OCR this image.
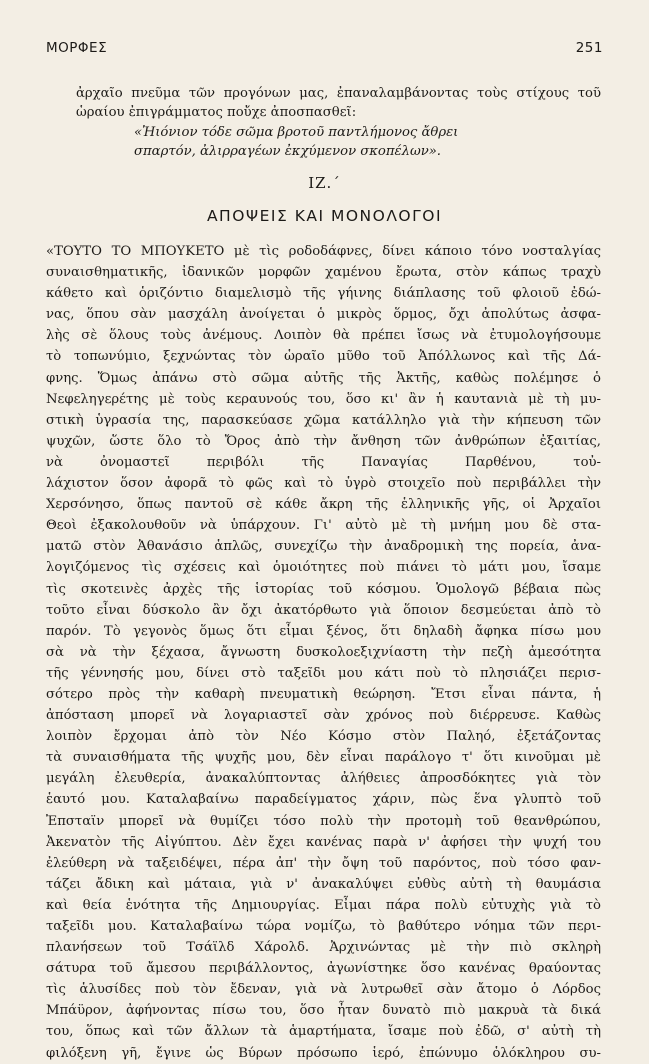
ΜΟΡΦΕΣ	251
ἀρχαῖο πνεῦμα τῶν προγόνων μας, ἐπαναλαμβάνοντας τοὺς στίχους τοῦ
ὡραίου ἐπιγράμματος ποὔχε ἀποσπασθεῖ:
«Ἠιόνιον τόδε σῶμα βροτοῦ παντλήμονος ἄθρει
σπαρτόν, ἀλιρραγέων ἐκχύμενον σκοπέλων».
ΙΖ.΄
ΑΠΟΨΕΙΣ ΚΑΙ ΜΟΝΟΛΟΓΟΙ
«ΤΟΥΤΟ ΤΟ ΜΠΟΥΚΕΤΟ μὲ τὶς ροδοδάφνες, δίνει κάποιο τόνο νοσταλγίας
συναισθηματικῆς, ἰδανικῶν μορφῶν χαμένου ἔρωτα, στὸν κάπως τραχὺ
κάθετο καὶ ὁριζόντιο διαμελισμὸ τῆς γήινης διάπλασης τοῦ φλοιοῦ ἐδώ-
νας, ὅπου σὰν μασχάλη ἀνοίγεται ὁ μικρὸς ὅρμος, ὄχι ἀπολύτως ἀσφα-
λὴς σὲ ὅλους τοὺς ἀνέμους. Λοιπὸν θὰ πρέπει ἴσως νὰ ἐτυμολογήσουμε
τὸ τοπωνύμιο, ξεχνώντας τὸν ὡραῖο μῦθο τοῦ Ἀπόλλωνος καὶ τῆς Δά-
φνης. Ὅμως ἀπάνω στὸ σῶμα αὐτῆς τῆς Ἀκτῆς, καθὼς πολέμησε ὁ
Νεφεληγερέτης μὲ τοὺς κεραυνούς του, ὅσο κι' ἂν ἡ καυτανιὰ μὲ τὴ μυ-
στικὴ ὑγρασία της, παρασκεύασε χῶμα κατάλληλο γιὰ τὴν κήπευση τῶν
ψυχῶν, ὥστε ὅλο τὸ Ὄρος ἀπὸ τὴν ἄνθηση τῶν ἀνθρώπων ἐξαιτίας,
νὰ ὀνομαστεῖ περιβόλι τῆς Παναγίας Παρθένου, τοὐ-
λάχιστον ὅσον ἀφορᾶ τὸ φῶς καὶ τὸ ὑγρὸ στοιχεῖο ποὺ περιβάλλει τὴν
Χερσόνησο, ὅπως παντοῦ σὲ κάθε ἄκρη τῆς ἑλληνικῆς γῆς, οἱ Ἀρχαῖοι
Θεοὶ ἐξακολουθοῦν νὰ ὑπάρχουν. Γι' αὐτὸ μὲ τὴ μνήμη μου δὲ στα-
ματῶ στὸν Ἀθανάσιο ἁπλῶς, συνεχίζω τὴν ἀναδρομικὴ της πορεία, ἀνα-
λογιζόμενος τὶς σχέσεις καὶ ὁμοιότητες ποὺ πιάνει τὸ μάτι μου, ἴσαμε
τὶς σκοτεινὲς ἀρχὲς τῆς ἱστορίας τοῦ κόσμου. Ὁμολογῶ βέβαια πὼς
τοῦτο εἶναι δύσκολο ἂν ὄχι ἀκατόρθωτο γιὰ ὅποιον δεσμεύεται ἀπὸ τὸ
παρόν. Τὸ γεγονὸς ὅμως ὅτι εἶμαι ξένος, ὅτι δηλαδὴ ἄφηκα πίσω μου
σὰ νὰ τὴν ξέχασα, ἄγνωστη δυσκολοεξιχνίαστη τὴν πεζὴ ἀμεσότητα
τῆς γέννησής μου, δίνει στὸ ταξεῖδι μου κάτι ποὺ τὸ πλησιάζει περισ-
σότερο πρὸς τὴν καθαρὴ πνευματικὴ θεώρηση. Ἔτσι εἶναι πάντα, ἡ
ἀπόσταση μπορεῖ νὰ λογαριαστεῖ σὰν χρόνος ποὺ διέρρευσε. Καθὼς
λοιπὸν ἔρχομαι ἀπὸ τὸν Νέο Κόσμο στὸν Παληό, ἐξετάζοντας
τὰ συναισθήματα τῆς ψυχῆς μου, δὲν εἶναι παράλογο τ' ὅτι κινοῦμαι μὲ
μεγάλη ἐλευθερία, ἀνακαλύπτοντας ἀλήθειες ἀπροσδόκητες γιὰ τὸν
ἑαυτό μου. Καταλαβαίνω παραδείγματος χάριν, πὼς ἕνα γλυπτὸ τοῦ
Ἐπσταϊν μπορεῖ νὰ θυμίζει τόσο πολὺ τὴν προτομὴ τοῦ θεανθρώπου,
Ἀκενατὸν τῆς Αἰγύπτου. Δὲν ἔχει κανένας παρὰ ν' ἀφήσει τὴν ψυχή του
ἐλεύθερη νὰ ταξειδέψει, πέρα ἀπ' τὴν ὄψη τοῦ παρόντος, ποὺ τόσο φαν-
τάζει ἄδικη καὶ μάταια, γιὰ ν' ἀνακαλύψει εὐθὺς αὐτὴ τὴ θαυμάσια
καὶ θεία ἑνότητα τῆς Δημιουργίας. Εἶμαι πάρα πολὺ εὐτυχὴς γιὰ τὸ
ταξεῖδι μου. Καταλαβαίνω τώρα νομίζω, τὸ βαθύτερο νόημα τῶν περι-
πλανήσεων τοῦ Τσάϊλδ Χάρολδ. Ἀρχινώντας μὲ τὴν πιὸ σκληρὴ
σάτυρα τοῦ ἄμεσου περιβάλλοντος, ἀγωνίστηκε ὅσο κανένας θραύοντας
τὶς ἁλυσίδες ποὺ τὸν ἔδεναν, γιὰ νὰ λυτρωθεῖ σὰν ἄτομο ὁ Λόρδος
Μπάϋρον, ἀφήνοντας πίσω του, ὅσο ἦταν δυνατὸ πιὸ μακρυὰ τὰ δικά
του, ὅπως καὶ τῶν ἄλλων τὰ ἁμαρτήματα, ἴσαμε ποὺ ἐδῶ, σ' αὐτὴ τὴ
φιλόξενη γῆ, ἔγινε ὡς Βύρων πρόσωπο ἱερό, ἐπώνυμο ὁλόκληρου συ-
